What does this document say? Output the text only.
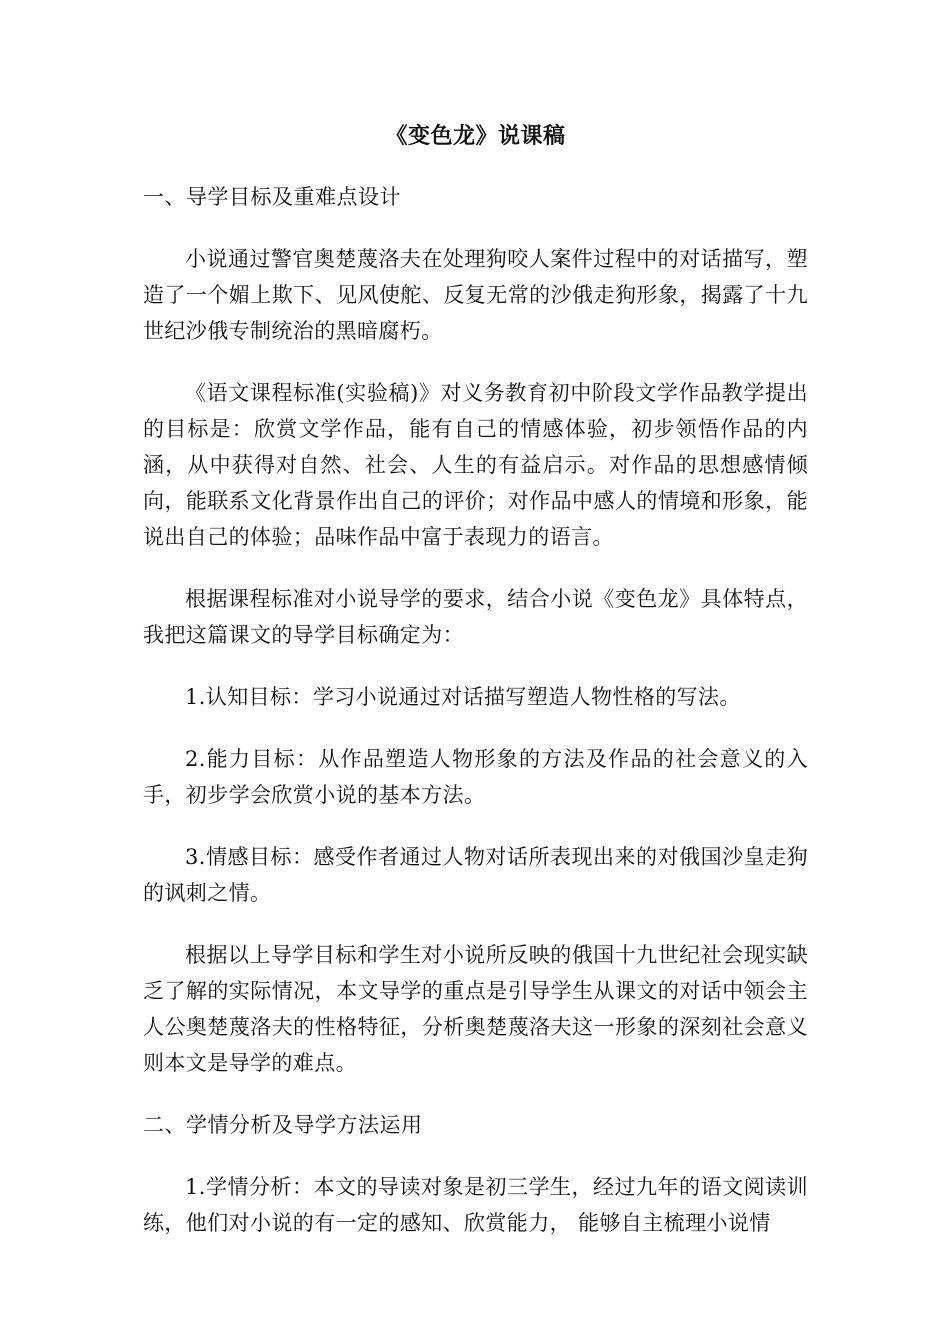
《变色龙》说课稿
一、导学目标及重难点设计

小说通过警官奥楚蔑洛夫在处理狗咬人案件过程中的对话描写，塑造了一个媚上欺下、见风使舵、反复无常的沙俄走狗形象，揭露了十九世纪沙俄专制统治的黑暗腐朽。

《语文课程标准(实验稿)》对义务教育初中阶段文学作品教学提出的目标是：欣赏文学作品，能有自己的情感体验，初步领悟作品的内涵，从中获得对自然、社会、人生的有益启示。对作品的思想感情倾向，能联系文化背景作出自己的评价；对作品中感人的情境和形象，能说出自己的体验；品味作品中富于表现力的语言。

根据课程标准对小说导学的要求，结合小说《变色龙》具体特点，我把这篇课文的导学目标确定为：

1.认知目标：学习小说通过对话描写塑造人物性格的写法。

2.能力目标：从作品塑造人物形象的方法及作品的社会意义的入手，初步学会欣赏小说的基本方法。

3.情感目标：感受作者通过人物对话所表现出来的对俄国沙皇走狗的讽刺之情。

根据以上导学目标和学生对小说所反映的俄国十九世纪社会现实缺乏了解的实际情况，本文导学的重点是引导学生从课文的对话中领会主人公奥楚蔑洛夫的性格特征，分析奥楚蔑洛夫这一形象的深刻社会意义则本文是导学的难点。

二、学情分析及导学方法运用

1.学情分析：本文的导读对象是初三学生，经过九年的语文阅读训练，他们对小说的有一定的感知、欣赏能力， 能够自主梳理小说情
